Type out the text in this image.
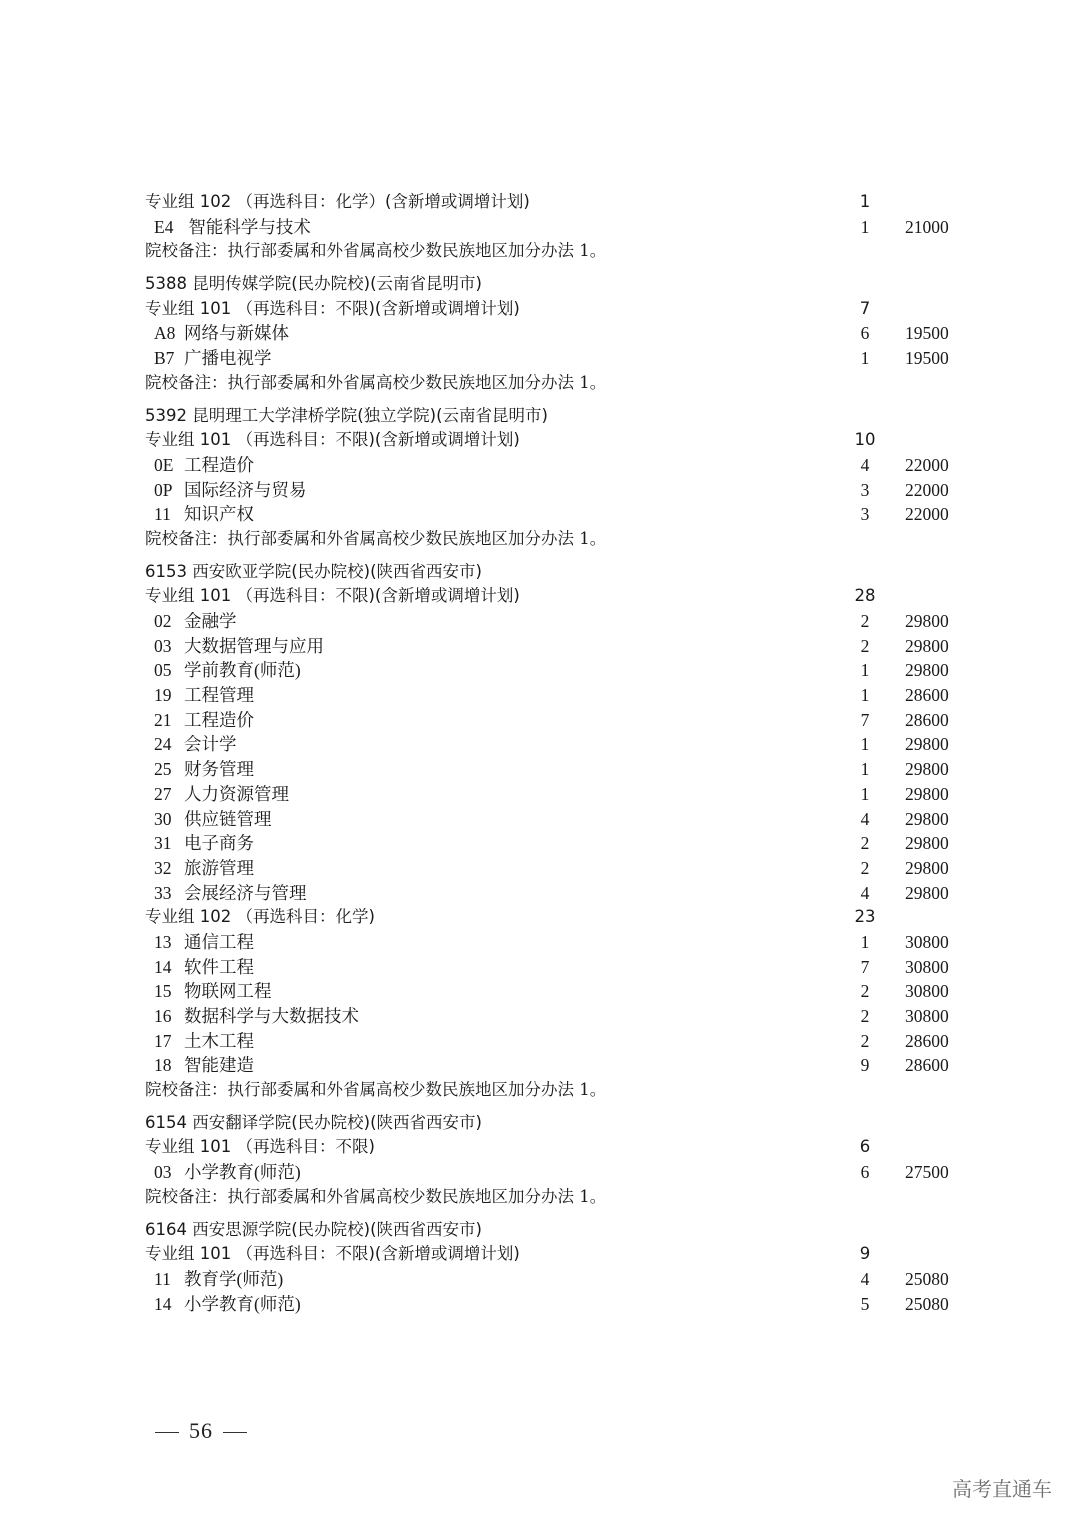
专业组 102 （再选科目：化学）(含新增或调增计划)	1
E4 智能科学与技术	1	21000
院校备注：执行部委属和外省属高校少数民族地区加分办法 1。
5388 昆明传媒学院(民办院校)(云南省昆明市)
专业组 101 （再选科目：不限)(含新增或调增计划)	7
A8 网络与新媒体	6	19500
B7 广播电视学	1	19500
院校备注：执行部委属和外省属高校少数民族地区加分办法 1。
5392 昆明理工大学津桥学院(独立学院)(云南省昆明市)
专业组 101 （再选科目：不限)(含新增或调增计划)	10
0E 工程造价	4	22000
0P 国际经济与贸易	3	22000
11 知识产权	3	22000
院校备注：执行部委属和外省属高校少数民族地区加分办法 1。
6153 西安欧亚学院(民办院校)(陕西省西安市)
专业组 101 （再选科目：不限)(含新增或调增计划)	28
02 金融学	2	29800
03 大数据管理与应用	2	29800
05 学前教育(师范)	1	29800
19 工程管理	1	28600
21 工程造价	7	28600
24 会计学	1	29800
25 财务管理	1	29800
27 人力资源管理	1	29800
30 供应链管理	4	29800
31 电子商务	2	29800
32 旅游管理	2	29800
33 会展经济与管理	4	29800
专业组 102 （再选科目：化学)	23
13 通信工程	1	30800
14 软件工程	7	30800
15 物联网工程	2	30800
16 数据科学与大数据技术	2	30800
17 土木工程	2	28600
18 智能建造	9	28600
院校备注：执行部委属和外省属高校少数民族地区加分办法 1。
6154 西安翻译学院(民办院校)(陕西省西安市)
专业组 101 （再选科目：不限)	6
03 小学教育(师范)	6	27500
院校备注：执行部委属和外省属高校少数民族地区加分办法 1。
6164 西安思源学院(民办院校)(陕西省西安市)
专业组 101 （再选科目：不限)(含新增或调增计划)	9
11 教育学(师范)	4	25080
14 小学教育(师范)	5	25080
56
高考直通车
